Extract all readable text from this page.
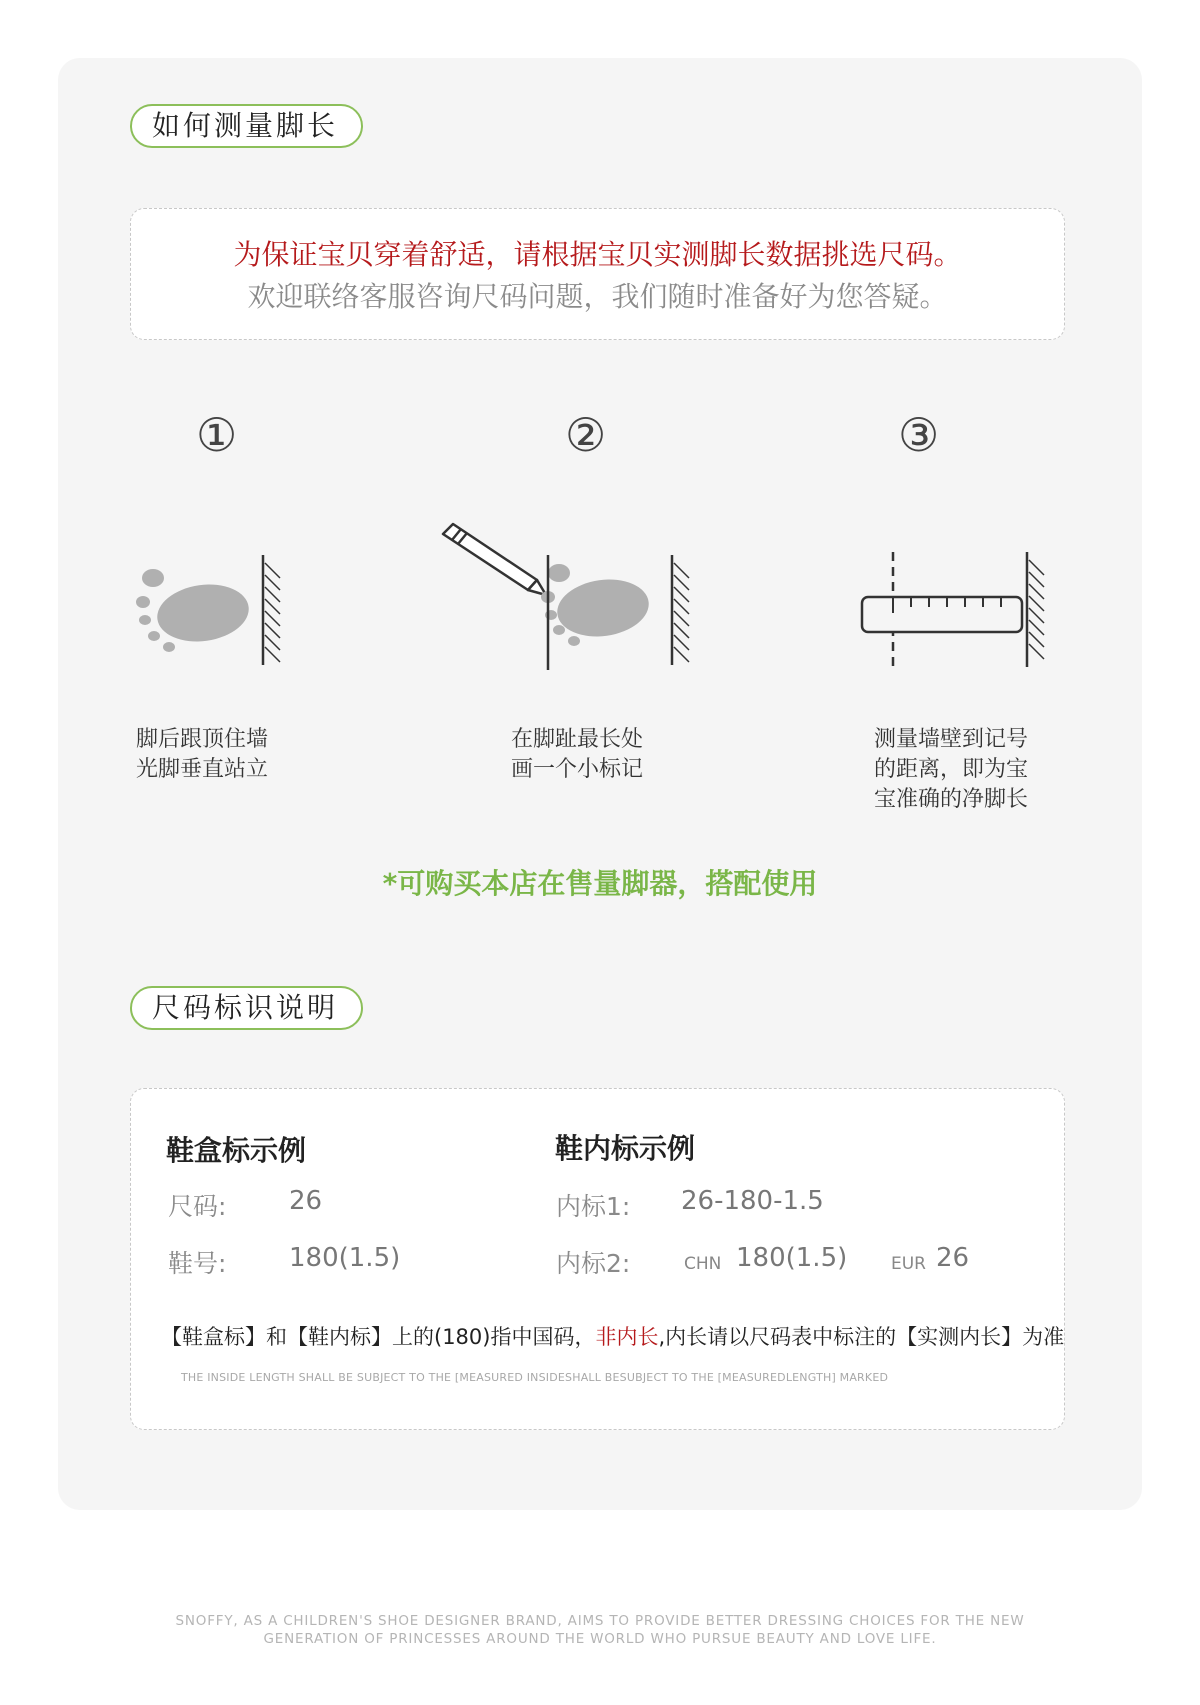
如何测量脚长
为保证宝贝穿着舒适，请根据宝贝实测脚长数据挑选尺码。
欢迎联络客服咨询尺码问题，我们随时准备好为您答疑。
①	②	③
脚后跟顶住墙
光脚垂直站立
在脚趾最长处
画一个小标记
测量墙壁到记号
的距离，即为宝
宝准确的净脚长
*可购买本店在售量脚器，搭配使用
尺码标识说明
鞋盒标示例
尺码: 26
鞋号: 180(1.5)
鞋内标示例
内标1: 26-180-1.5
内标2:	CHN 180(1.5)	EUR 26
【鞋盒标】和【鞋内标】上的(180)指中国码，非内长,内长请以尺码表中标注的【实测内长】为准
THE INSIDE LENGTH SHALL BE SUBJECT TO THE [MEASURED INSIDESHALL BESUBJECT TO THE [MEASUREDLENGTH] MARKED
SNOFFY, AS A CHILDREN'S SHOE DESIGNER BRAND, AIMS TO PROVIDE BETTER DRESSING CHOICES FOR THE NEW
GENERATION OF PRINCESSES AROUND THE WORLD WHO PURSUE BEAUTY AND LOVE LIFE.
